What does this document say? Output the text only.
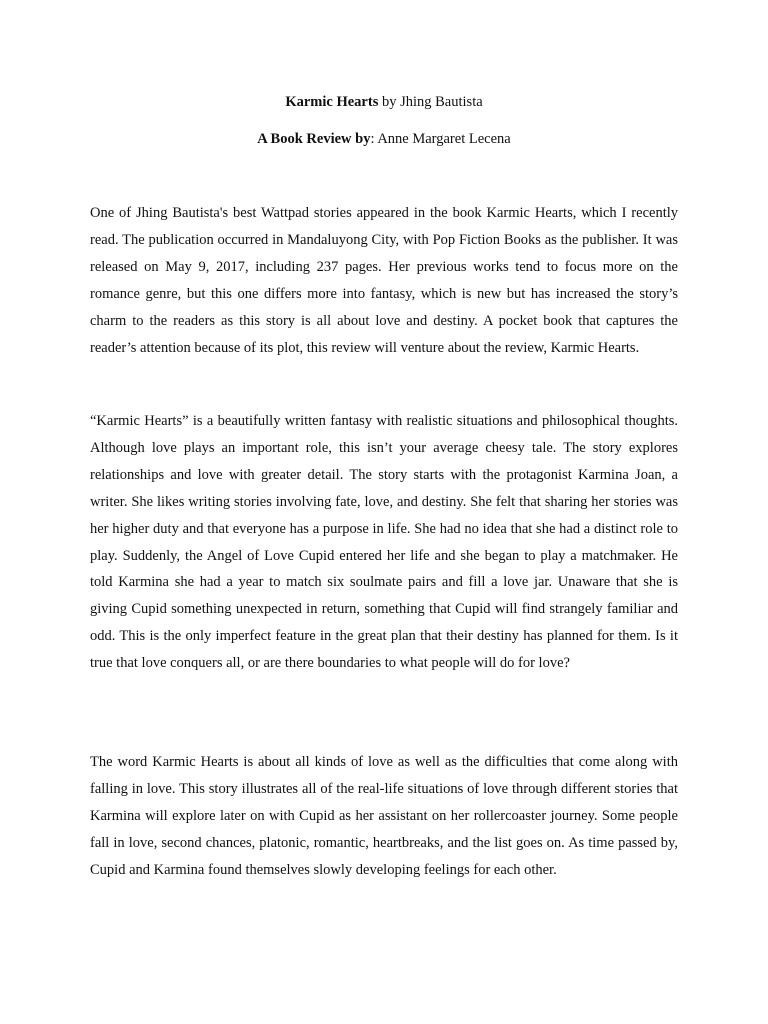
Karmic Hearts by Jhing Bautista
A Book Review by: Anne Margaret Lecena

One of Jhing Bautista's best Wattpad stories appeared in the book Karmic Hearts, which I recently read. The publication occurred in Mandaluyong City, with Pop Fiction Books as the publisher. It was released on May 9, 2017, including 237 pages. Her previous works tend to focus more on the romance genre, but this one differs more into fantasy, which is new but has increased the story’s charm to the readers as this story is all about love and destiny. A pocket book that captures the reader’s attention because of its plot, this review will venture about the review, Karmic Hearts.

“Karmic Hearts” is a beautifully written fantasy with realistic situations and philosophical thoughts. Although love plays an important role, this isn’t your average cheesy tale. The story explores relationships and love with greater detail. The story starts with the protagonist Karmina Joan, a writer. She likes writing stories involving fate, love, and destiny. She felt that sharing her stories was her higher duty and that everyone has a purpose in life. She had no idea that she had a distinct role to play. Suddenly, the Angel of Love Cupid entered her life and she began to play a matchmaker. He told Karmina she had a year to match six soulmate pairs and fill a love jar. Unaware that she is giving Cupid something unexpected in return, something that Cupid will find strangely familiar and odd. This is the only imperfect feature in the great plan that their destiny has planned for them. Is it true that love conquers all, or are there boundaries to what people will do for love?

The word Karmic Hearts is about all kinds of love as well as the difficulties that come along with falling in love. This story illustrates all of the real-life situations of love through different stories that Karmina will explore later on with Cupid as her assistant on her rollercoaster journey. Some people fall in love, second chances, platonic, romantic, heartbreaks, and the list goes on. As time passed by, Cupid and Karmina found themselves slowly developing feelings for each other.
